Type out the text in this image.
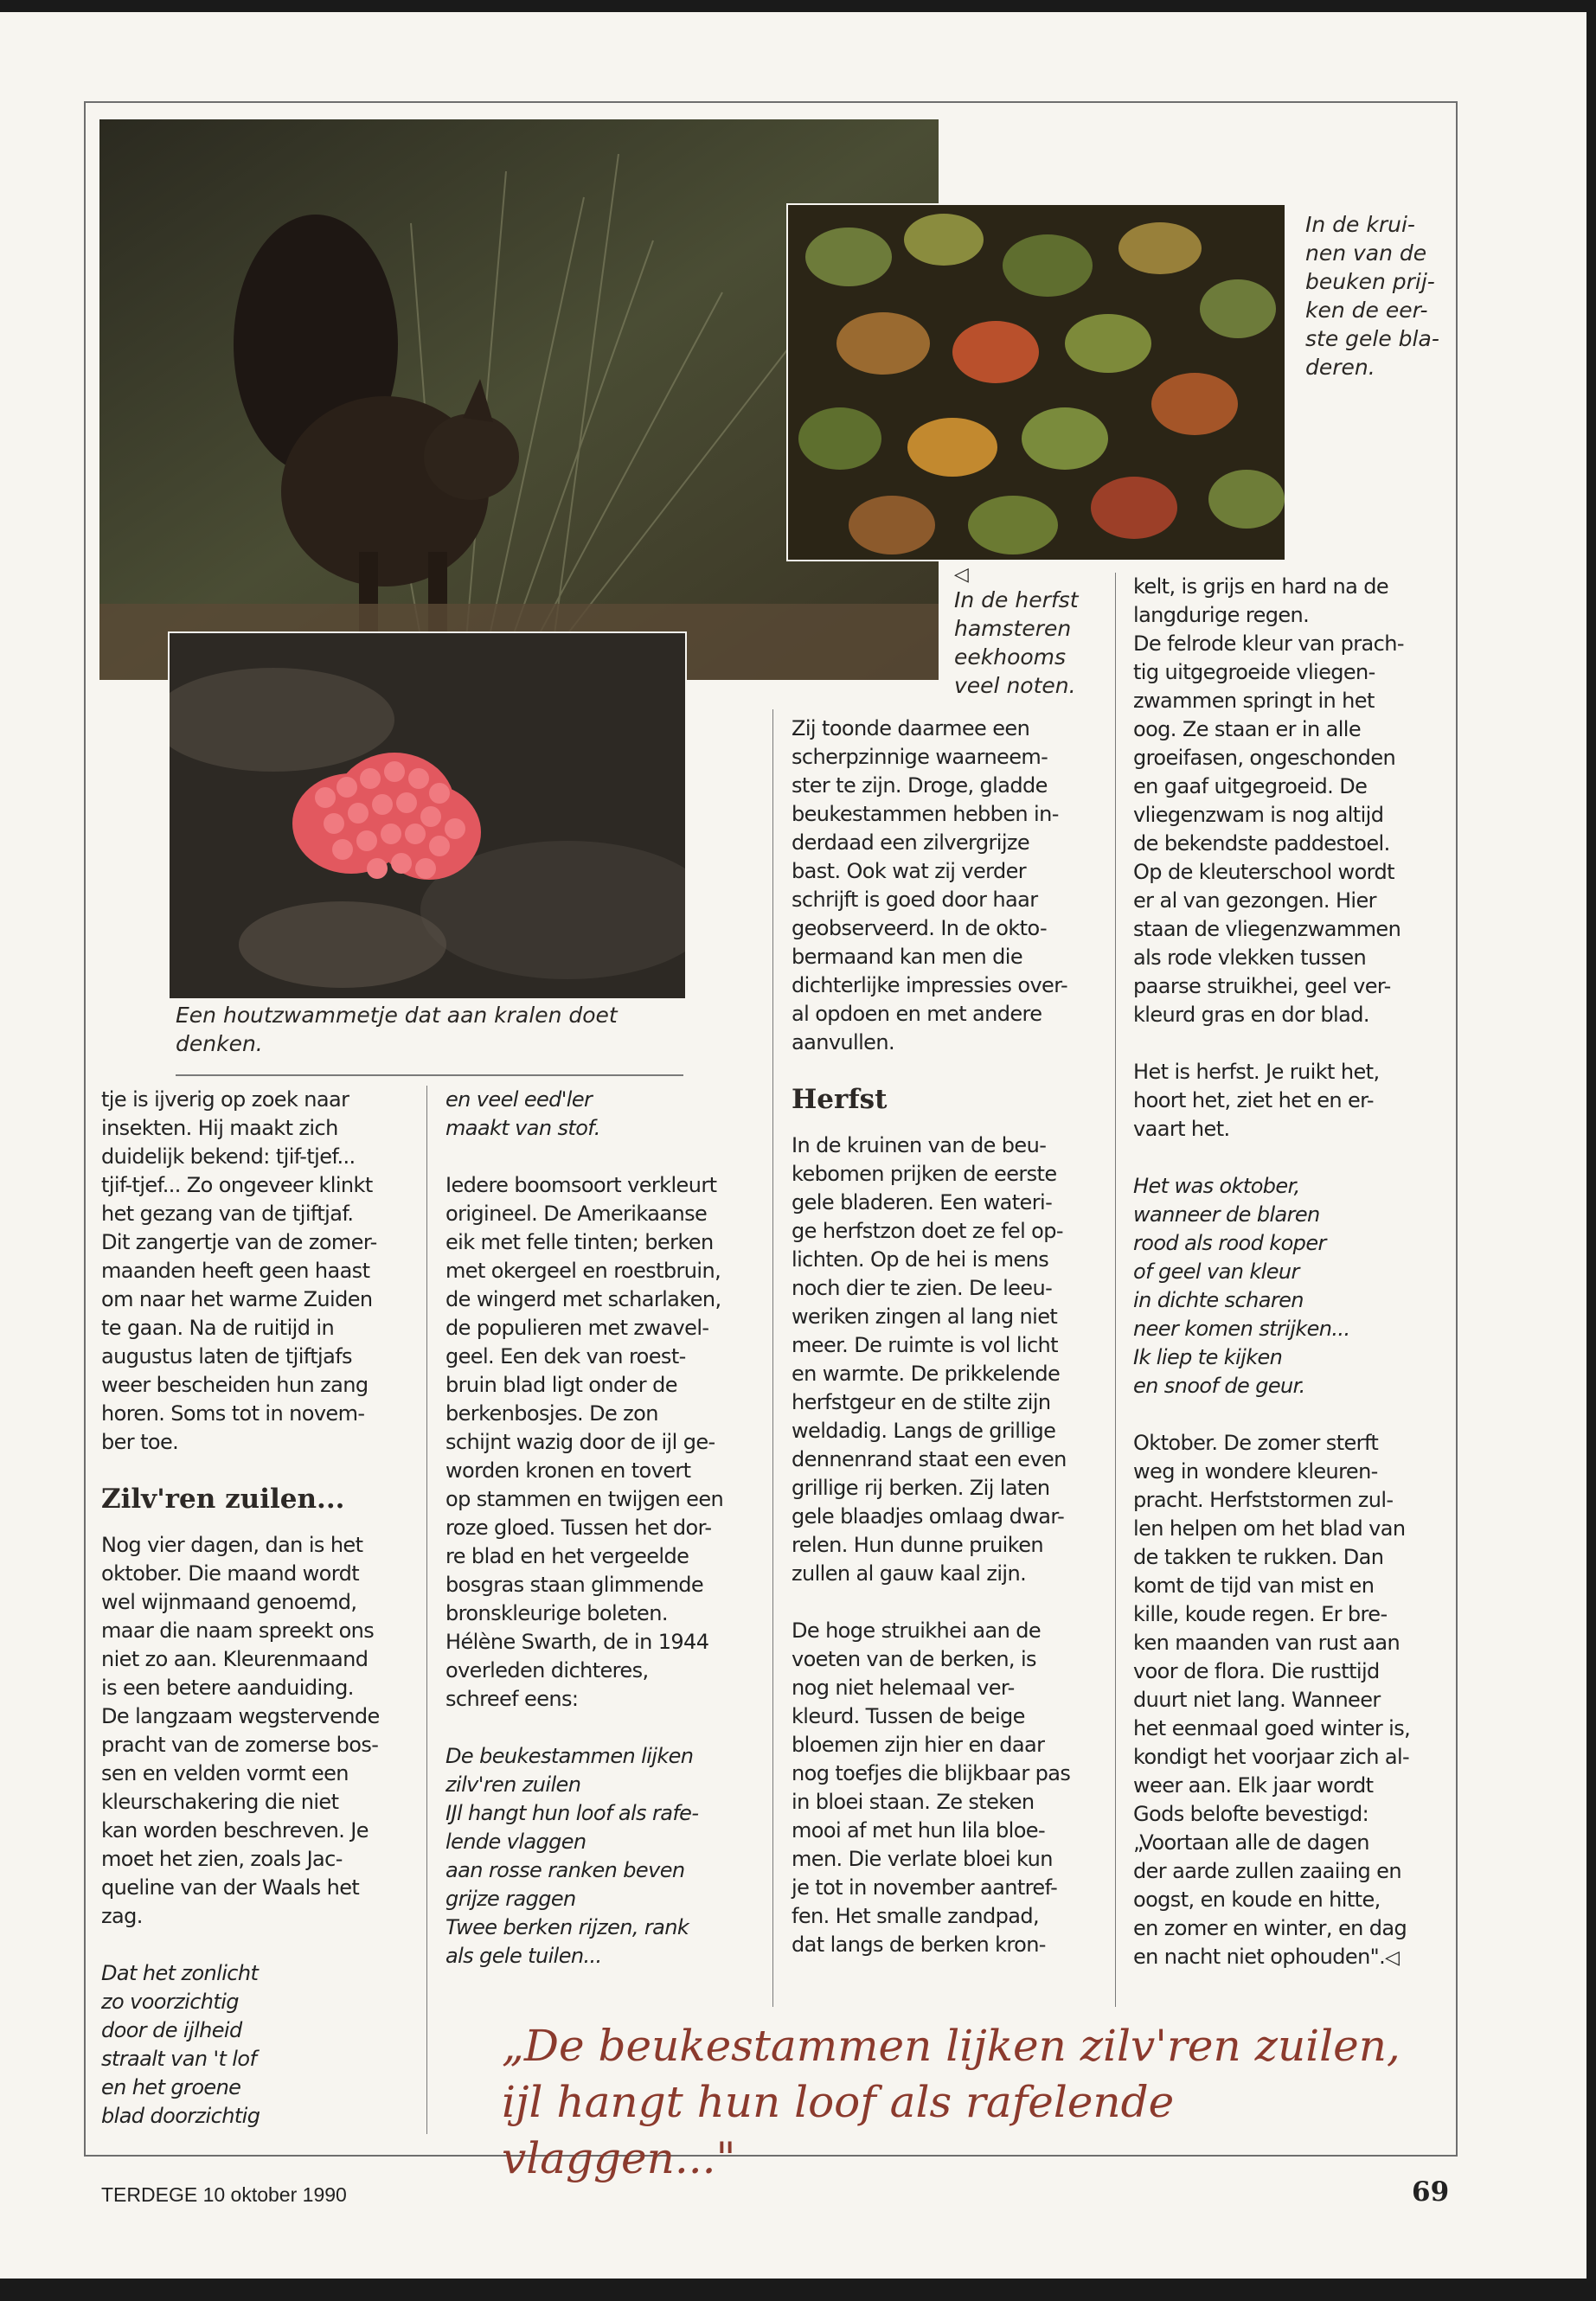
In de krui-
nen van de
beuken prij-
ken de eer-
ste gele bla-
deren.
◁
In de herfst
hamsteren
eekhooms
veel noten.
Een houtzwammetje dat aan kralen doet
denken.

tje is ijverig op zoek naar
insekten. Hij maakt zich
duidelijk bekend: tjif-tjef...
tjif-tjef... Zo ongeveer klinkt
het gezang van de tjiftjaf.
Dit zangertje van de zomer-
maanden heeft geen haast
om naar het warme Zuiden
te gaan. Na de ruitijd in
augustus laten de tjiftjafs
weer bescheiden hun zang
horen. Soms tot in novem-
ber toe.

Zilv'ren zuilen...

Nog vier dagen, dan is het
oktober. Die maand wordt
wel wijnmaand genoemd,
maar die naam spreekt ons
niet zo aan. Kleurenmaand
is een betere aanduiding.
De langzaam wegstervende
pracht van de zomerse bos-
sen en velden vormt een
kleurschakering die niet
kan worden beschreven. Je
moet het zien, zoals Jac-
queline van der Waals het
zag.

Dat het zonlicht
zo voorzichtig
door de ijlheid
straalt van 't lof
en het groene
blad doorzichtig

en veel eed'ler
maakt van stof.

Iedere boomsoort verkleurt
origineel. De Amerikaanse
eik met felle tinten; berken
met okergeel en roestbruin,
de wingerd met scharlaken,
de populieren met zwavel-
geel. Een dek van roest-
bruin blad ligt onder de
berkenbosjes. De zon
schijnt wazig door de ijl ge-
worden kronen en tovert
op stammen en twijgen een
roze gloed. Tussen het dor-
re blad en het vergeelde
bosgras staan glimmende
bronskleurige boleten.
Hélène Swarth, de in 1944
overleden dichteres,
schreef eens:

De beukestammen lijken
zilv'ren zuilen
IJl hangt hun loof als rafe-
lende vlaggen
aan rosse ranken beven
grijze raggen
Twee berken rijzen, rank
als gele tuilen...

Zij toonde daarmee een
scherpzinnige waarneem-
ster te zijn. Droge, gladde
beukestammen hebben in-
derdaad een zilvergrijze
bast. Ook wat zij verder
schrijft is goed door haar
geobserveerd. In de okto-
bermaand kan men die
dichterlijke impressies over-
al opdoen en met andere
aanvullen.

Herfst

In de kruinen van de beu-
kebomen prijken de eerste
gele bladeren. Een wateri-
ge herfstzon doet ze fel op-
lichten. Op de hei is mens
noch dier te zien. De leeu-
weriken zingen al lang niet
meer. De ruimte is vol licht
en warmte. De prikkelende
herfstgeur en de stilte zijn
weldadig. Langs de grillige
dennenrand staat een even
grillige rij berken. Zij laten
gele blaadjes omlaag dwar-
relen. Hun dunne pruiken
zullen al gauw kaal zijn.

De hoge struikhei aan de
voeten van de berken, is
nog niet helemaal ver-
kleurd. Tussen de beige
bloemen zijn hier en daar
nog toefjes die blijkbaar pas
in bloei staan. Ze steken
mooi af met hun lila bloe-
men. Die verlate bloei kun
je tot in november aantref-
fen. Het smalle zandpad,
dat langs de berken kron-

kelt, is grijs en hard na de
langdurige regen.
De felrode kleur van prach-
tig uitgegroeide vliegen-
zwammen springt in het
oog. Ze staan er in alle
groeifasen, ongeschonden
en gaaf uitgegroeid. De
vliegenzwam is nog altijd
de bekendste paddestoel.
Op de kleuterschool wordt
er al van gezongen. Hier
staan de vliegenzwammen
als rode vlekken tussen
paarse struikhei, geel ver-
kleurd gras en dor blad.

Het is herfst. Je ruikt het,
hoort het, ziet het en er-
vaart het.

Het was oktober,
wanneer de blaren
rood als rood koper
of geel van kleur
in dichte scharen
neer komen strijken...
Ik liep te kijken
en snoof de geur.

Oktober. De zomer sterft
weg in wondere kleuren-
pracht. Herfststormen zul-
len helpen om het blad van
de takken te rukken. Dan
komt de tijd van mist en
kille, koude regen. Er bre-
ken maanden van rust aan
voor de flora. Die rusttijd
duurt niet lang. Wanneer
het eenmaal goed winter is,
kondigt het voorjaar zich al-
weer aan. Elk jaar wordt
Gods belofte bevestigd:
„Voortaan alle de dagen
der aarde zullen zaaiing en
oogst, en koude en hitte,
en zomer en winter, en dag
en nacht niet ophouden".◁

„De beukestammen lijken zilv'ren zuilen,
ijl hangt hun loof als rafelende vlaggen..."
TERDEGE 10 oktober 1990	69
